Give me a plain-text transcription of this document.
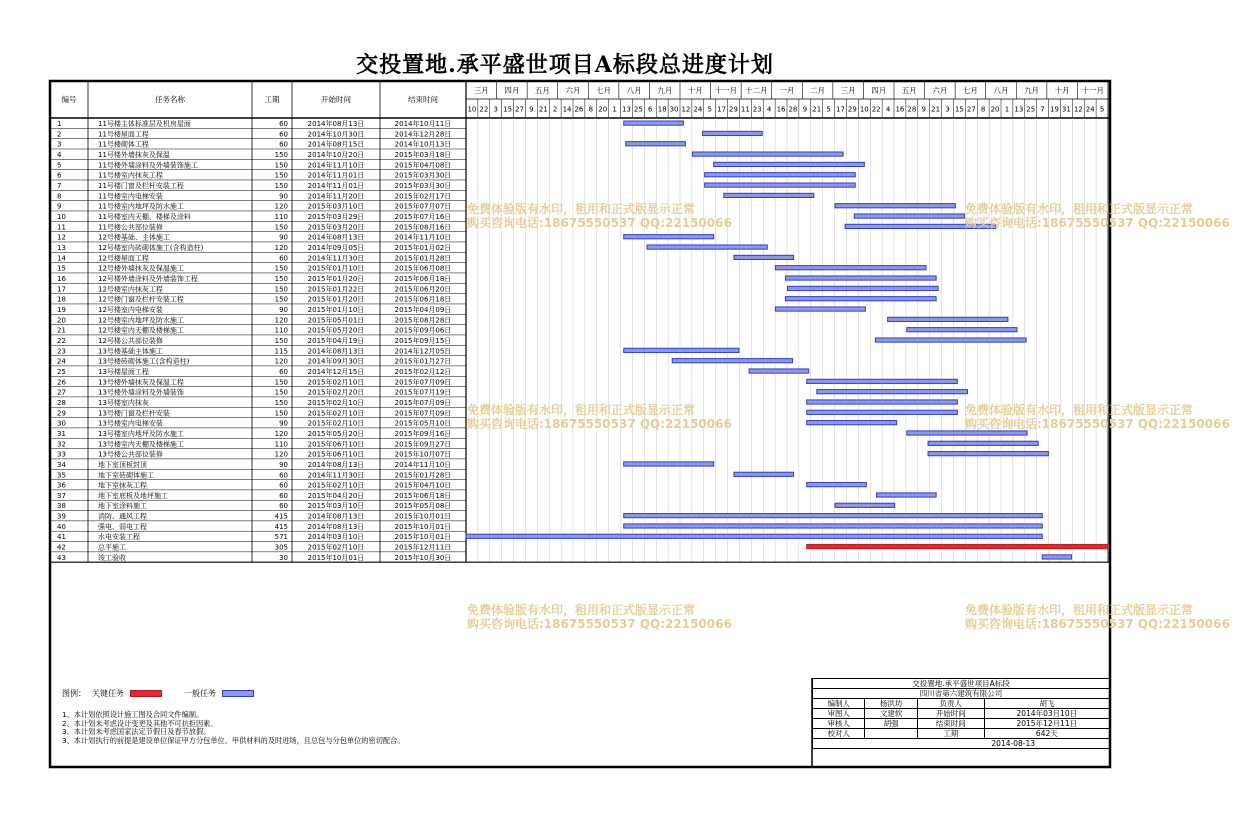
交投置地.承平盛世项目A标段总进度计划
编号	任务名称	工期	开始时间	结束时间
三月 四月 五月 六月 七月 八月 九月 十月 十一月 十二月 一月 二月 三月 四月 五月 六月 七月 八月 九月 十月 十一月
10 22 3 15 27 9 21 2 14 26 8 20 1 13 25 6 18 30 12 24 5 17 29 11 23 4 16 28 9 21 5 17 29 10 22 4 16 28 9 21 3 15 27 8 20 1 13 25 7 19 31 12 24 5
1	11号楼主体标准层及机房屋面	60	2014年08月13日	2014年10月11日
2	11号楼屋面工程	60	2014年10月30日	2014年12月28日
3	11号楼砌体工程	60	2014年08月15日	2014年10月13日
4	11号楼外墙抹灰及保温	150	2014年10月20日	2015年03月18日
5	11号楼外墙涂料及外墙装饰施工	150	2014年11月10日	2015年04月08日
6	11号楼室内抹灰工程	150	2014年11月01日	2015年03月30日
7	11号楼门窗及栏杆安装工程	150	2014年11月01日	2015年03月30日
8	11号楼室内电梯安装	90	2014年11月20日	2015年02月17日
9	11号楼室内地坪及防水施工	120	2015年03月10日	2015年07月07日
10	11号楼室内天棚、楼梯及涂料	110	2015年03月29日	2015年07月16日
11	11号楼公共部位装修	150	2015年03月20日	2015年08月16日
12	12号楼基础、主体施工	90	2014年08月13日	2014年11月10日
13	12号楼室内砖砌体施工(含构造柱)	120	2014年09月05日	2015年01月02日
14	12号楼屋面工程	60	2014年11月30日	2015年01月28日
15	12号楼外墙抹灰及保温施工	150	2015年01月10日	2015年06月08日
16	12号楼外墙涂料及外墙装饰工程	150	2015年01月20日	2015年06月18日
17	12号楼室内抹灰工程	150	2015年01月22日	2015年06月20日
18	12号楼门窗及栏杆安装工程	150	2015年01月20日	2015年06月18日
19	12号楼室内电梯安装	90	2015年01月10日	2015年04月09日
20	12号楼室内地坪及防水施工	120	2015年05月01日	2015年08月28日
21	12号楼室内天棚及楼梯施工	110	2015年05月20日	2015年09月06日
22	12号楼公共部位装修	150	2015年04月19日	2015年09月15日
23	13号楼基础主体施工	115	2014年08月13日	2014年12月05日
24	13号楼砖砌体施工(含构造柱)	120	2014年09月30日	2015年01月27日
25	13号楼屋面工程	60	2014年12月15日	2015年02月12日
26	13号楼外墙抹灰及保温工程	150	2015年02月10日	2015年07月09日
27	13号楼外墙涂料及外墙装饰	150	2015年02月20日	2015年07月19日
28	13号楼室内抹灰	150	2015年02月10日	2015年07月09日
29	13号楼门窗及栏杆安装	150	2015年02月10日	2015年07月09日
30	13号楼室内电梯安装	90	2015年02月10日	2015年05月10日
31	13号楼室内地坪及防水施工	120	2015年05月20日	2015年09月16日
32	13号楼室内天棚及楼梯施工	110	2015年06月10日	2015年09月27日
33	13号楼公共部位装修	120	2015年06月10日	2015年10月07日
34	地下室顶板封顶	90	2014年08月13日	2014年11月10日
35	地下室砖砌体施工	60	2014年11月30日	2015年01月28日
36	地下室抹灰工程	60	2015年02月10日	2015年04月10日
37	地下室底板及地坪施工	60	2015年04月20日	2015年06月18日
38	地下室涂料施工	60	2015年03月10日	2015年05月08日
39	消防、通风工程	415	2014年08月13日	2015年10月01日
40	强电、弱电工程	415	2014年08月13日	2015年10月01日
41	水电安装工程	571	2014年03月10日	2015年10月01日
42	总平施工	305	2015年02月10日	2015年12月11日
43	竣工验收	30	2015年10月01日	2015年10月30日
图例： 关键任务	一般任务
1、本计划依照设计施工图及合同文件编制。
2、本计划未考虑设计变更及其他不可抗拒因素。
3、本计划未考虑国家法定节假日及春节放假。
3、本计划执行的前提是建设单位保证甲方分包单位、甲供材料的及时进场，且总包与分包单位的密切配合。
交投置地.承平盛世项目A标段			
四川省第六建筑有限公司			
编制人	杨洪坊	负责人	胡飞
审图人	文建软	开始时间	2014年03月10日
审核人	胡强	结束时间	2015年12月11日
校对人		工期	642天
		2014-08-13	
免费体验版有水印，租用和正式版显示正常
购买咨询电话:18675550537 QQ:22150066
免费体验版有水印，租用和正式版显示正常
购买咨询电话:18675550537 QQ:22150066
免费体验版有水印，租用和正式版显示正常
购买咨询电话:18675550537 QQ:22150066
免费体验版有水印，租用和正式版显示正常
购买咨询电话:18675550537 QQ:22150066
免费体验版有水印，租用和正式版显示正常
购买咨询电话:18675550537 QQ:22150066
免费体验版有水印，租用和正式版显示正常
购买咨询电话:18675550537 QQ:22150066
